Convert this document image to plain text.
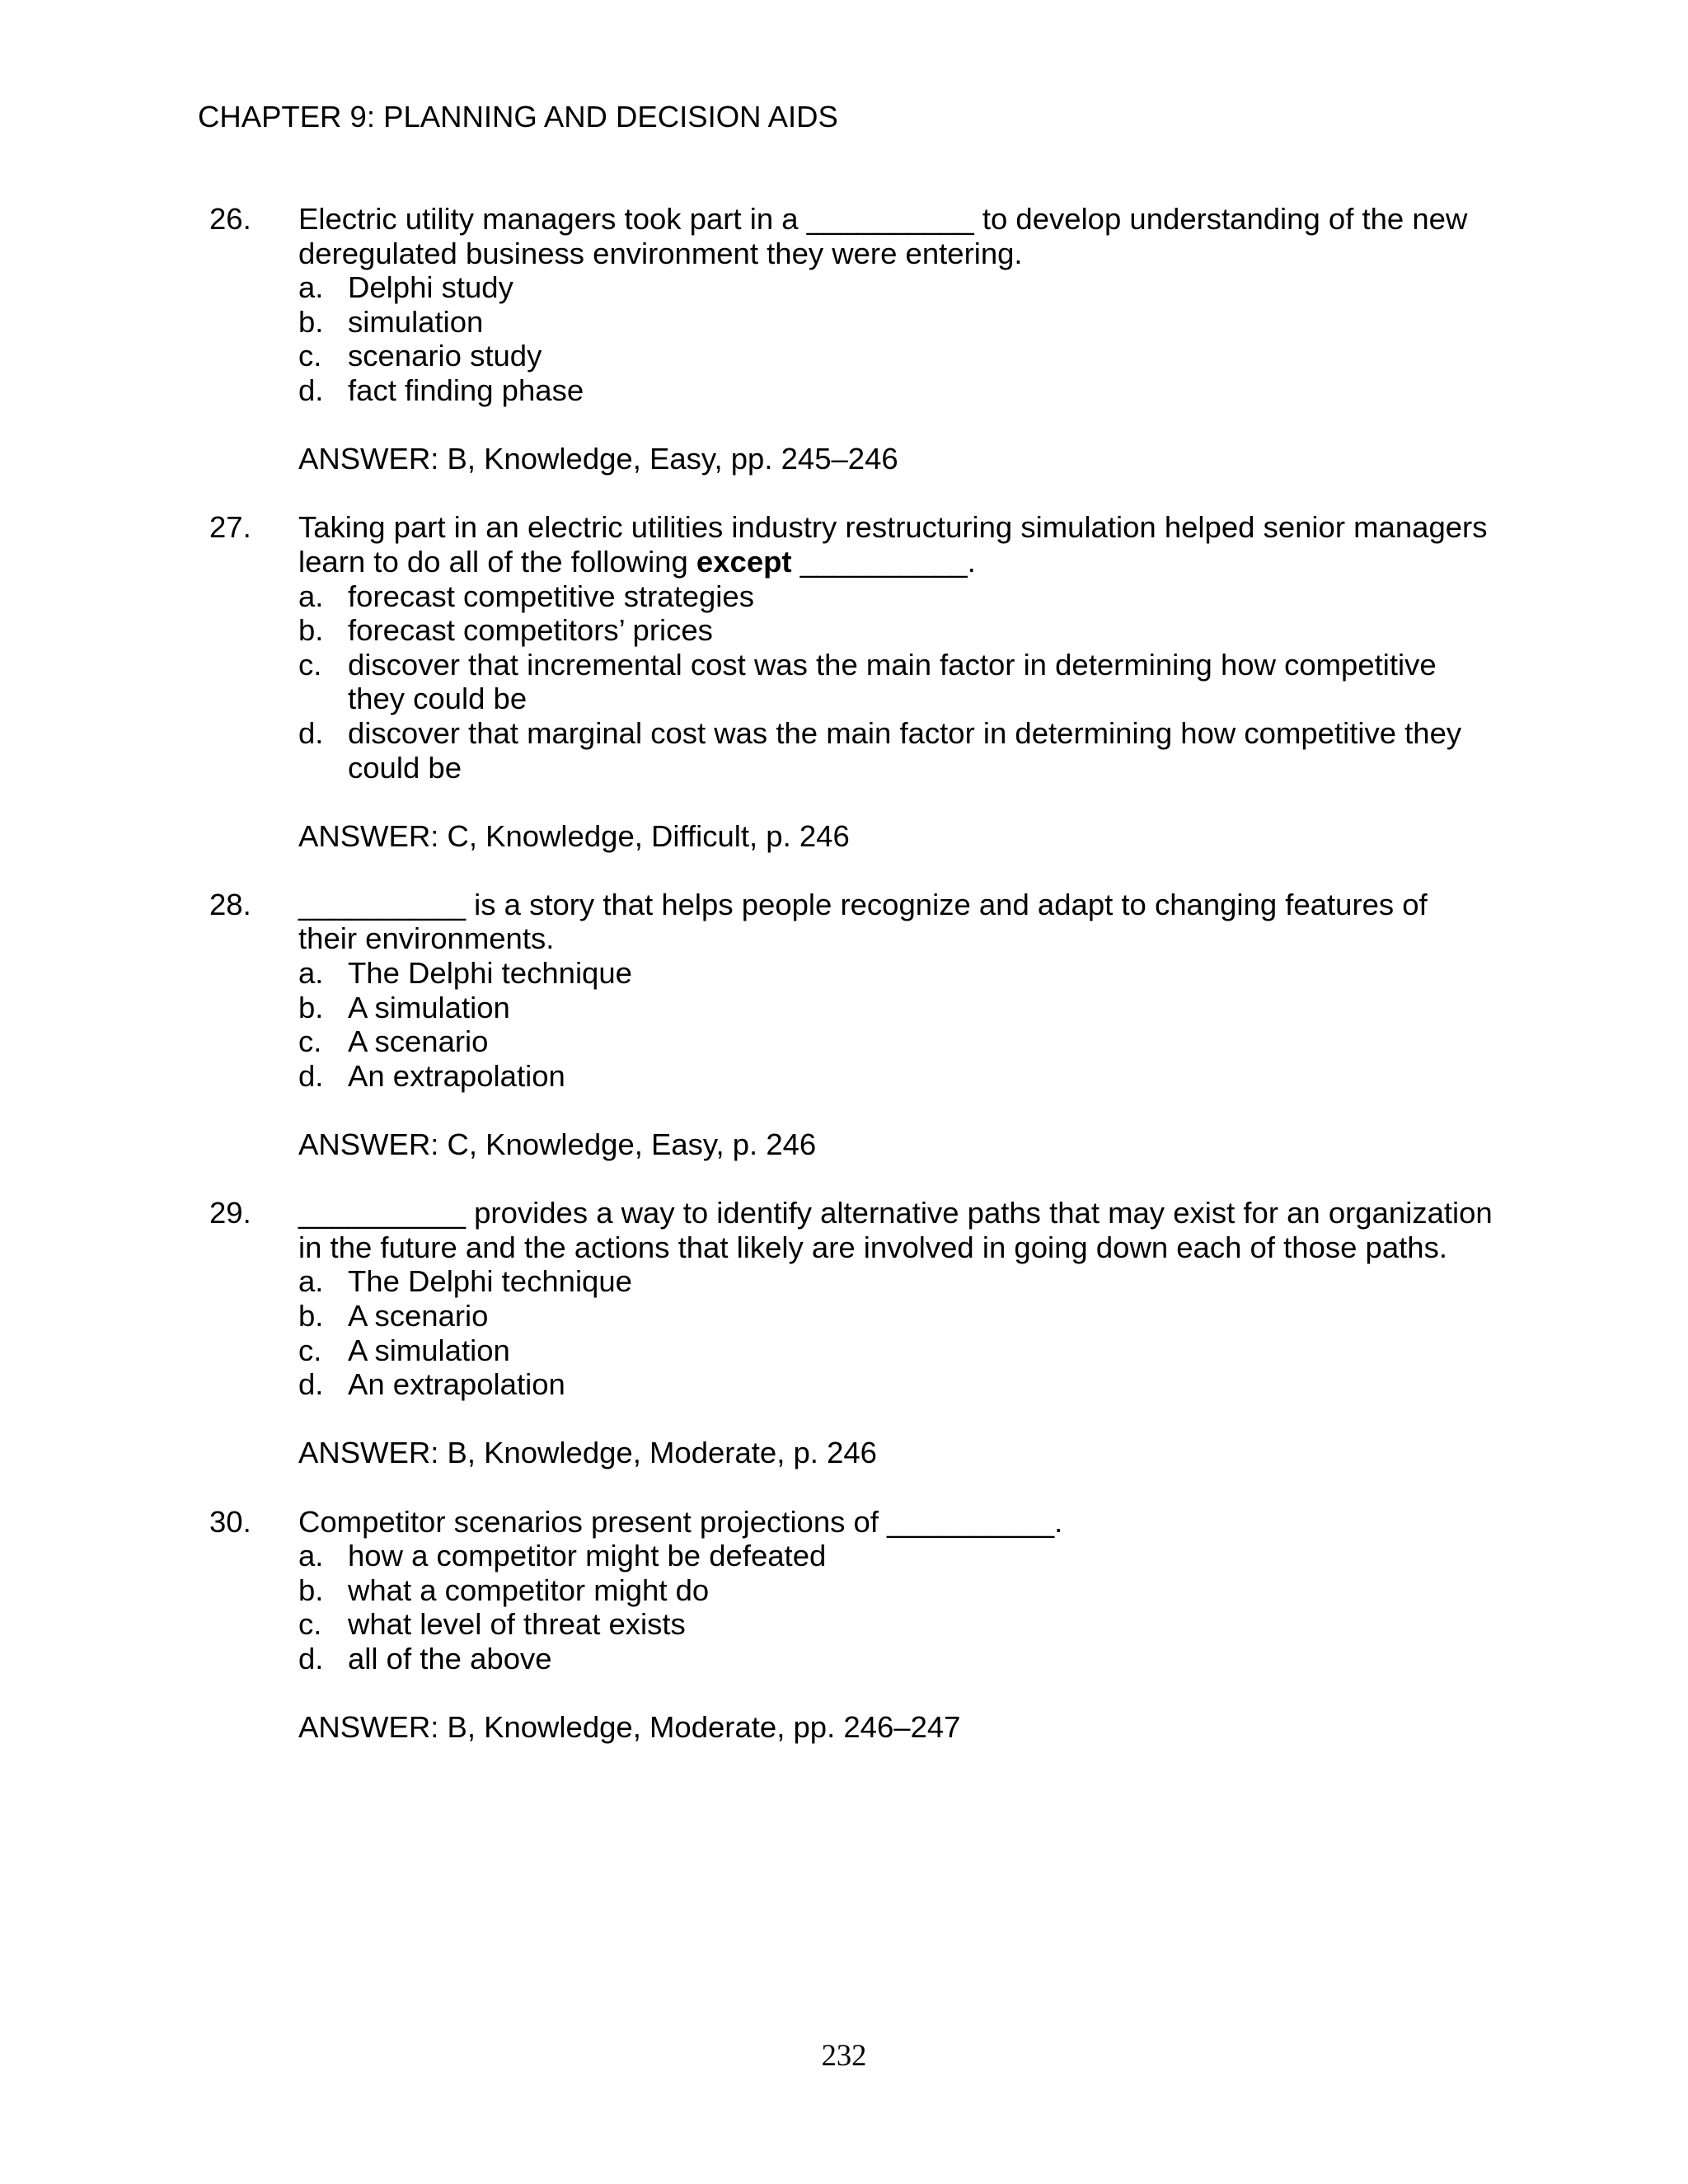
CHAPTER 9: PLANNING AND DECISION AIDS
26. Electric utility managers took part in a __________ to develop understanding of the new deregulated business environment they were entering.
a. Delphi study
b. simulation
c. scenario study
d. fact finding phase
ANSWER: B, Knowledge, Easy, pp. 245–246
27. Taking part in an electric utilities industry restructuring simulation helped senior managers learn to do all of the following except __________.
a. forecast competitive strategies
b. forecast competitors’ prices
c. discover that incremental cost was the main factor in determining how competitive they could be
d. discover that marginal cost was the main factor in determining how competitive they could be
ANSWER: C, Knowledge, Difficult, p. 246
28. __________ is a story that helps people recognize and adapt to changing features of their environments.
a. The Delphi technique
b. A simulation
c. A scenario
d. An extrapolation
ANSWER: C, Knowledge, Easy, p. 246
29. __________ provides a way to identify alternative paths that may exist for an organization in the future and the actions that likely are involved in going down each of those paths.
a. The Delphi technique
b. A scenario
c. A simulation
d. An extrapolation
ANSWER: B, Knowledge, Moderate, p. 246
30. Competitor scenarios present projections of __________.
a. how a competitor might be defeated
b. what a competitor might do
c. what level of threat exists
d. all of the above
ANSWER: B, Knowledge, Moderate, pp. 246–247
232
